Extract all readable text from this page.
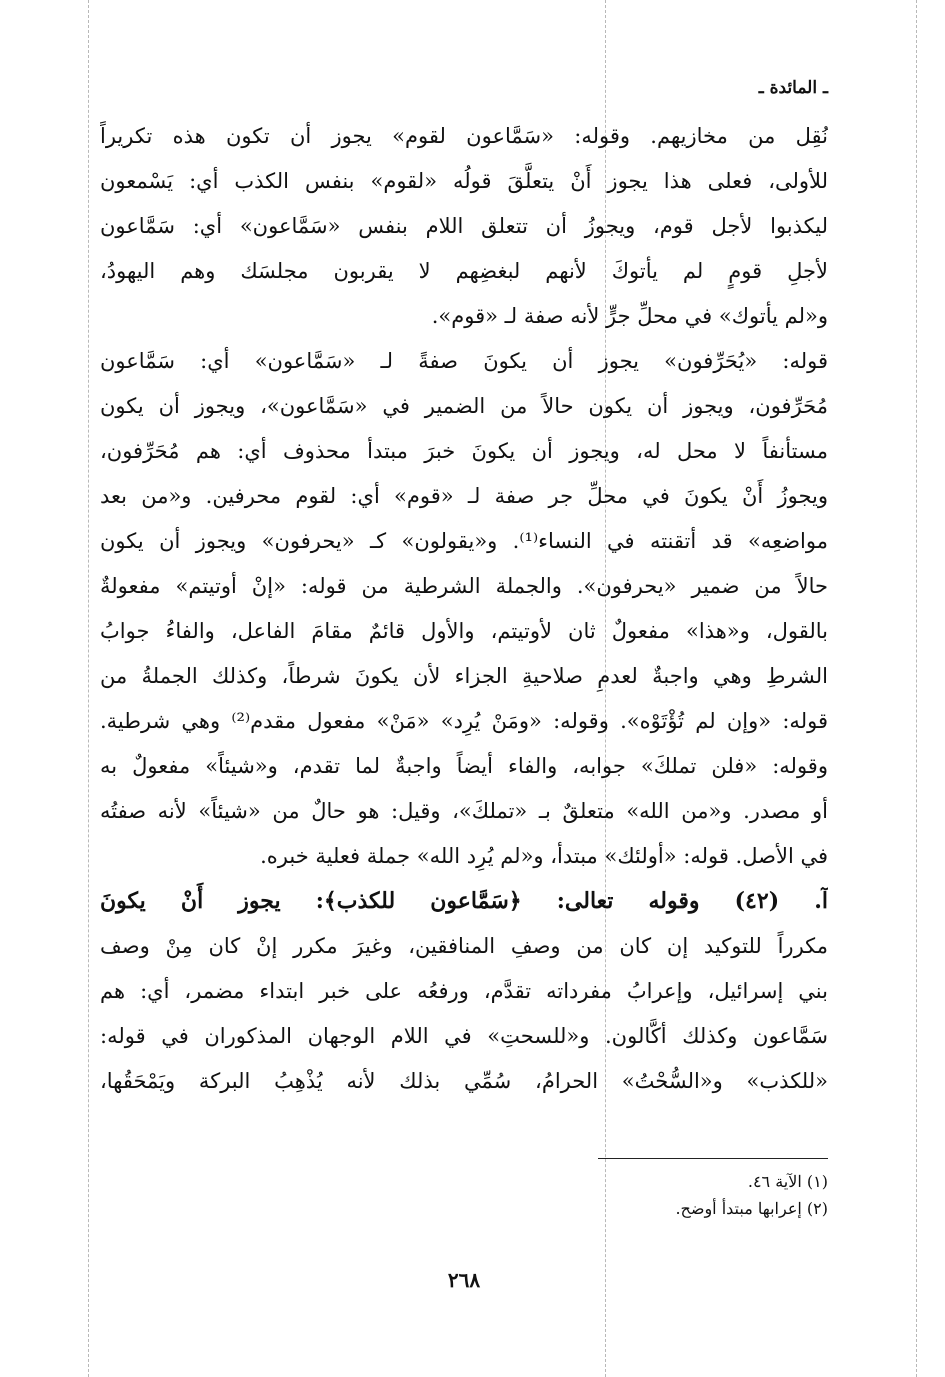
ـ المائدة ـ
نُقِل من مخازيهم. وقوله: «سَمَّاعون لقوم» يجوز أن تكون هذه تكريراً
للأولى، فعلى هذا يجوز أَنْ يتعلَّقَ قولُه «لقوم» بنفس الكذب أي: يَسْمعون
ليكذبوا لأجل قوم، ويجوزُ أن تتعلق اللام بنفس «سَمَّاعون» أي: سَمَّاعون
لأجلِ قومٍ لم يأتوكَ لأنهم لبغضِهم لا يقربون مجلسَك وهم اليهودُ،
و«لم يأتوك» في محلِّ جرٍّ لأنه صفة لـ «قوم».
قوله: «يُحَرِّفون» يجوز أن يكونَ صفةً لـ «سَمَّاعون» أي: سَمَّاعون
مُحَرِّفون، ويجوز أن يكون حالاً من الضمير في «سَمَّاعون»، ويجوز أن يكون
مستأنفاً لا محل له، ويجوز أن يكونَ خبرَ مبتدأ محذوف أي: هم مُحَرِّفون،
ويجوزُ أَنْ يكونَ في محلِّ جر صفة لـ «قوم» أي: لقوم محرفين. و«من بعد
مواضعِه» قد أتقنته في النساء⁽¹⁾. و«يقولون» كـ «يحرفون» ويجوز أن يكون
حالاً من ضمير «يحرفون». والجملة الشرطية من قوله: «إنْ أوتيتم» مفعولةٌ
بالقول، و«هذا» مفعولٌ ثان لأوتيتم، والأول قائمٌ مقامَ الفاعل، والفاءُ جوابُ
الشرطِ وهي واجبةٌ لعدمِ صلاحيةِ الجزاء لأن يكونَ شرطاً، وكذلك الجملةُ من
قوله: «وإن لم تُؤْتَوْه». وقوله: «ومَنْ يُرِد» «مَنْ» مفعول مقدم⁽²⁾ وهي شرطية.
وقوله: «فلن تملكَ» جوابه، والفاء أيضاً واجبةٌ لما تقدم، و«شيئاً» مفعولٌ به
أو مصدر. و«من الله» متعلقٌ بـ «تملكَ»، وقيل: هو حالٌ من «شيئاً» لأنه صفتُه
في الأصل. قوله: «أولئك» مبتدأ، و«لم يُرِد الله» جملة فعلية خبره.
آ. (٤٢) وقوله تعالى: ﴿سَمَّاعون للكذب﴾: يجوز أَنْ يكونَ
مكرراً للتوكيد إن كان من وصفِ المنافقين، وغيرَ مكرر إنْ كان مِنْ وصف
بني إسرائيل، وإعرابُ مفرداته تقدَّم، ورفعُه على خبر ابتداء مضمر، أي: هم
سَمَّاعون وكذلك أكَّالون. و«للسحتِ» في اللام الوجهان المذكوران في قوله:
«للكذب» و«السُّحْتُ» الحرامُ، سُمِّي بذلك لأنه يُذْهِبُ البركة ويَمْحَقُها،
(١) الآية ٤٦.
(٢) إعرابها مبتدأ أوضح.
٢٦٨
